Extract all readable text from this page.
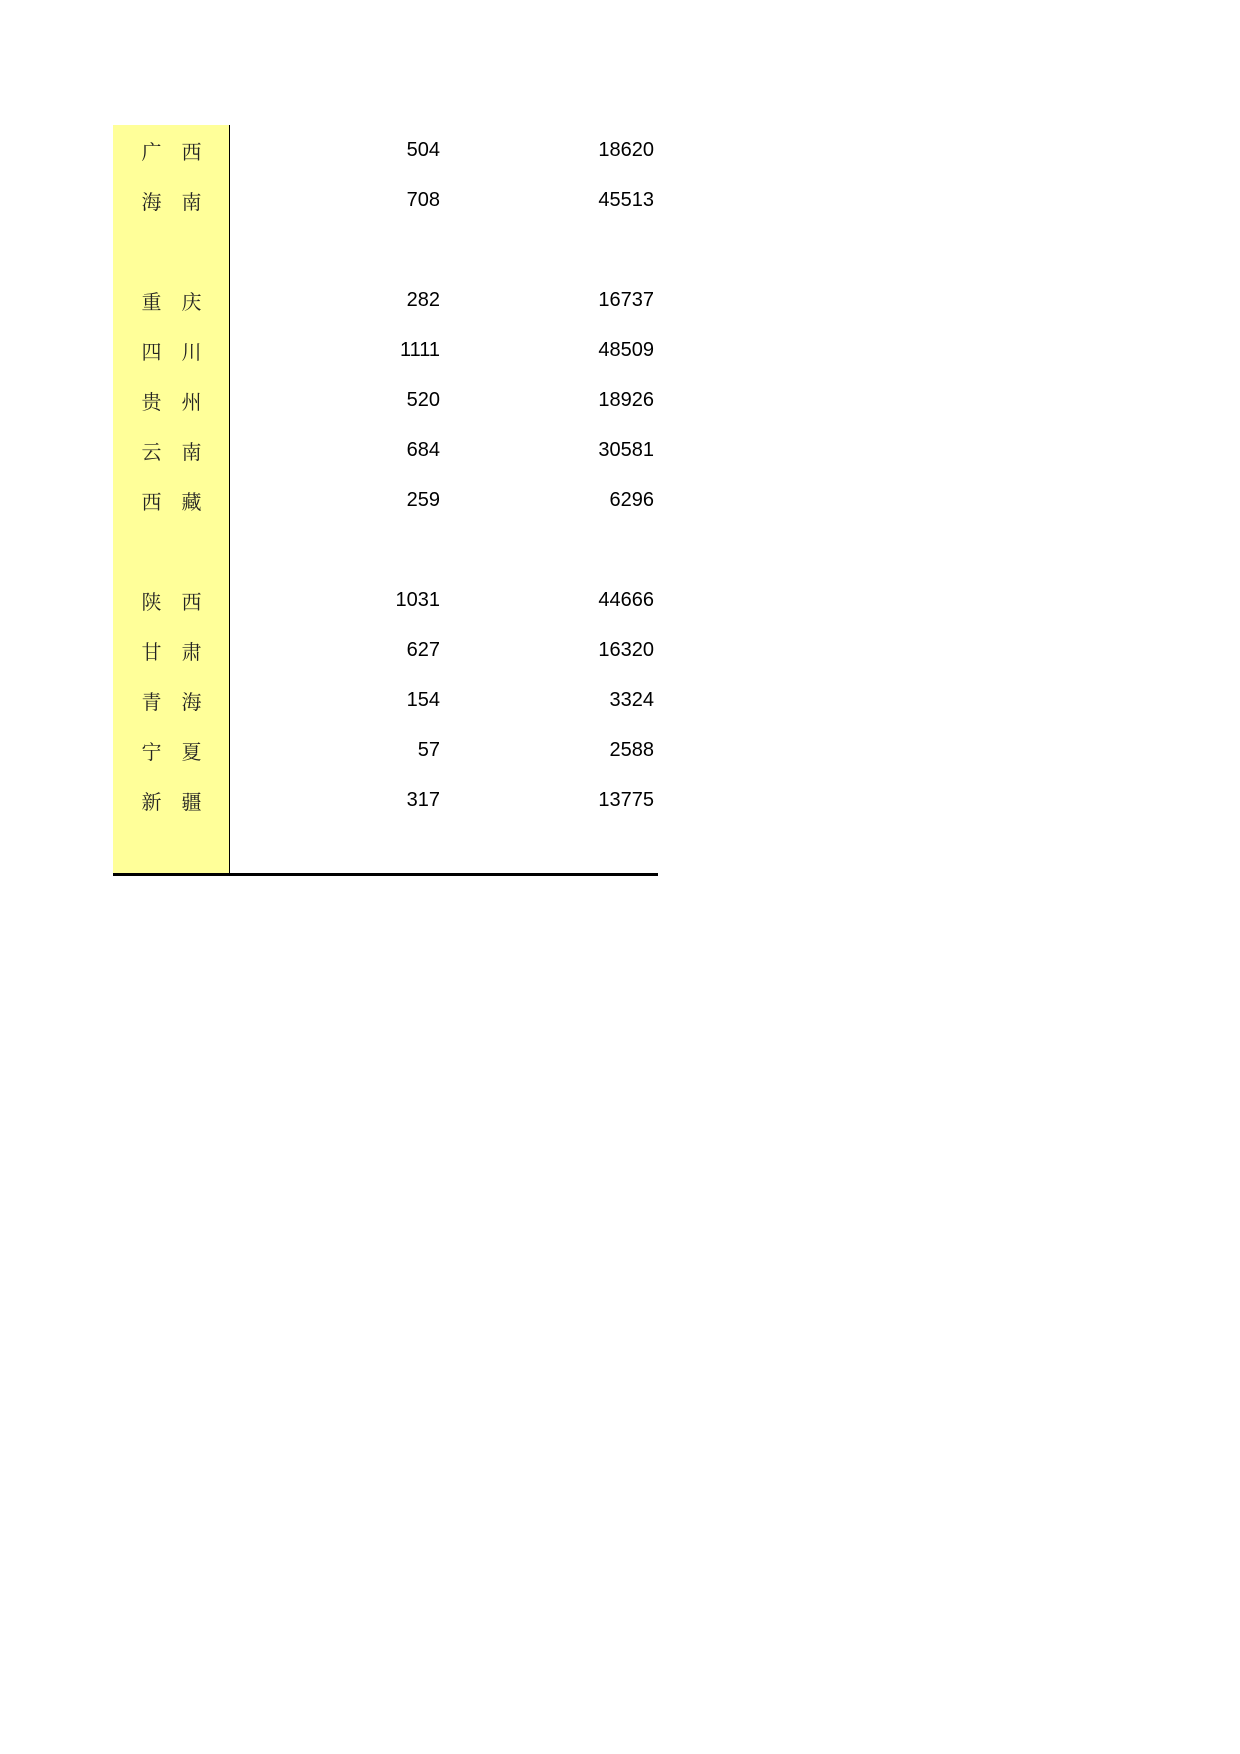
广西	504	18620
海南	708	45513
重庆	282	16737
四川	1111	48509
贵州	520	18926
云南	684	30581
西藏	259	6296
陕西	1031	44666
甘肃	627	16320
青海	154	3324
宁夏	57	2588
新疆	317	13775
